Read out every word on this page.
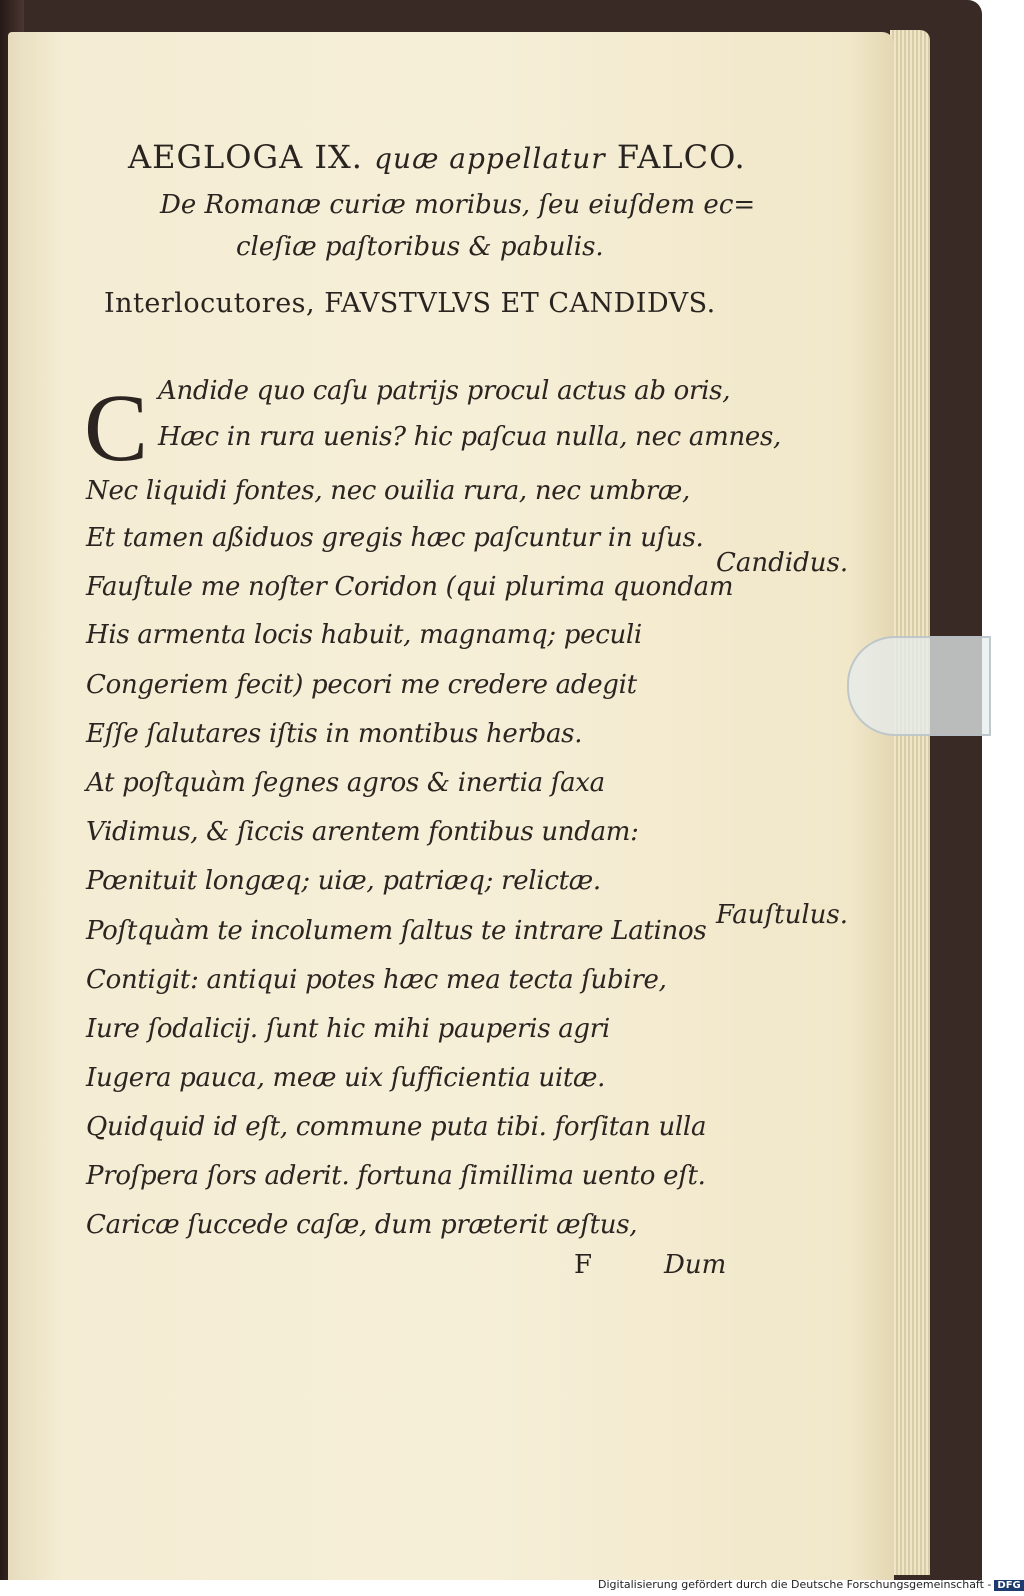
AEGLOGA IX. quæ appellatur FALCO.
De Romanæ curiæ moribus, ſeu eiuſdem ec=
cleſiæ paſtoribus & pabulis.
Interlocutores, FAVSTVLVS ET CANDIDVS.
C Andide quo caſu patrijs procul actus ab oris,
Hæc in rura uenis? hic paſcua nulla, nec amnes,
Nec liquidi fontes, nec ouilia rura, nec umbræ,
Et tamen aßiduos gregis hæc paſcuntur in uſus.
Fauſtule me noſter Coridon (qui plurima quondam
His armenta locis habuit, magnamq; peculi
Congeriem fecit) pecori me credere adegit
Eſſe ſalutares iſtis in montibus herbas.
At poſtquàm ſegnes agros & inertia ſaxa
Vidimus, & ſiccis arentem fontibus undam:
Pœnituit longæq; uiæ, patriæq; relictæ.
Poſtquàm te incolumem ſaltus te intrare Latinos
Contigit: antiqui potes hæc mea tecta ſubire,
Iure ſodalicij. ſunt hic mihi pauperis agri
Iugera pauca, meæ uix ſufficientia uitæ.
Quidquid id eſt, commune puta tibi. forſitan ulla
Proſpera ſors aderit. fortuna ſimillima uento eſt.
Caricæ ſuccede caſæ, dum præterit æſtus,
Candidus.
Fauſtulus.
F	Dum
Digitalisierung gefördert durch die Deutsche Forschungsgemeinschaft - DFG
